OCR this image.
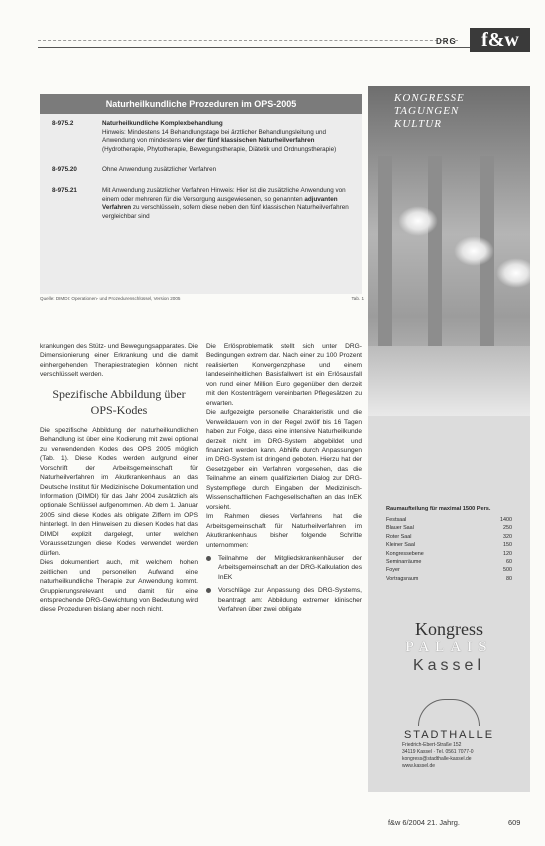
DRG	f&w
Naturheilkundliche Prozeduren im OPS-2005
8-975.2	Naturheilkundliche Komplexbehandlung
Hinweis: Mindestens 14 Behandlungstage bei ärztlicher Behandlungsleitung und Anwendung von mindestens vier der fünf klassischen Naturheilverfahren (Hydrotherapie, Phytotherapie, Bewegungstherapie, Diätetik und Ordnungstherapie)
8-975.20	Ohne Anwendung zusätzlicher Verfahren
8-975.21	Mit Anwendung zusätzlicher Verfahren Hinweis: Hier ist die zusätzliche Anwendung von einem oder mehreren für die Versorgung ausgewiesenen, so genannten adjuvanten Verfahren zu verschlüsseln, sofern diese neben den fünf klassischen Naturheilverfahren vergleichbar sind
Quelle: DIMDI: Operationen- und Prozedurenschlüssel, Version 2005	Tab. 1

krankungen des Stütz- und Bewegungsapparates. Die Dimensionierung einer Erkrankung und die damit einhergehenden Therapiestrategien können nicht verschlüsselt werden.

Spezifische Abbildung über OPS-Kodes

Die spezifische Abbildung der naturheilkundlichen Behandlung ist über eine Kodierung mit zwei optional zu verwendenden Kodes des OPS 2005 möglich (Tab. 1). Diese Kodes werden aufgrund einer Vorschrift der Arbeitsgemeinschaft für Naturheilverfahren im Akutkrankenhaus an das Deutsche Institut für Medizinische Dokumentation und Information (DIMDI) für das Jahr 2004 zusätzlich als optionale Schlüssel aufgenommen. Ab dem 1. Januar 2005 sind diese Kodes als obligate Ziffern im OPS hinterlegt. In den Hinweisen zu diesen Kodes hat das DIMDI explizit dargelegt, unter welchen Voraussetzungen diese Kodes verwendet werden dürfen.

Dies dokumentiert auch, mit welchem hohen zeitlichen und personellen Aufwand eine naturheilkundliche Therapie zur Anwendung kommt. Gruppierungsrelevant und damit für eine entsprechende DRG-Gewichtung von Bedeutung wird diese Prozeduren bislang aber noch nicht.

Die Erlösproblematik stellt sich unter DRG-Bedingungen extrem dar. Nach einer zu 100 Prozent realisierten Konvergenzphase und einem landeseinheitlichen Basisfallwert ist ein Erlösausfall von rund einer Million Euro gegenüber den derzeit mit den Kostenträgern vereinbarten Pflegesätzen zu erwarten.

Die aufgezeigte personelle Charakteristik und die Verweildauern von in der Regel zwölf bis 16 Tagen haben zur Folge, dass eine intensive Naturheilkunde derzeit nicht im DRG-System abgebildet und finanziert werden kann. Abhilfe durch Anpassungen im DRG-System ist dringend geboten. Hierzu hat der Gesetzgeber ein Verfahren vorgesehen, das die Teilnahme an einem qualifizierten Dialog zur DRG-Systempflege durch Eingaben der Medizinisch-Wissenschaftlichen Fachgesellschaften an das InEK vorsieht.

Im Rahmen dieses Verfahrens hat die Arbeitsgemeinschaft für Naturheilverfahren im Akutkrankenhaus bisher folgende Schritte unternommen:

Teilnahme der Mitgliedskrankenhäuser der Arbeitsgemeinschaft an der DRG-Kalkulation des InEK
Vorschläge zur Anpassung des DRG-Systems, beantragt am: Abbildung extremer klinischer Verfahren über zwei obligate
KONGRESSE TAGUNGEN KULTUR
Raumaufteilung für maximal 1500 Pers.
Festsaal	1400
Blauer Saal	250
Roter Saal	320
Kleiner Saal	150
Kongressebene	120
Seminarräume	60
Foyer	500
Vortragsraum	80
Kongress
PALAIS
Kassel
STADTHALLE
Friedrich-Ebert-Straße 152
34119 Kassel · Tel. 0561 7077-0
kongress@stadthalle-kassel.de
www.kassel.de
f&w 6/2004 21. Jahrg.	609
